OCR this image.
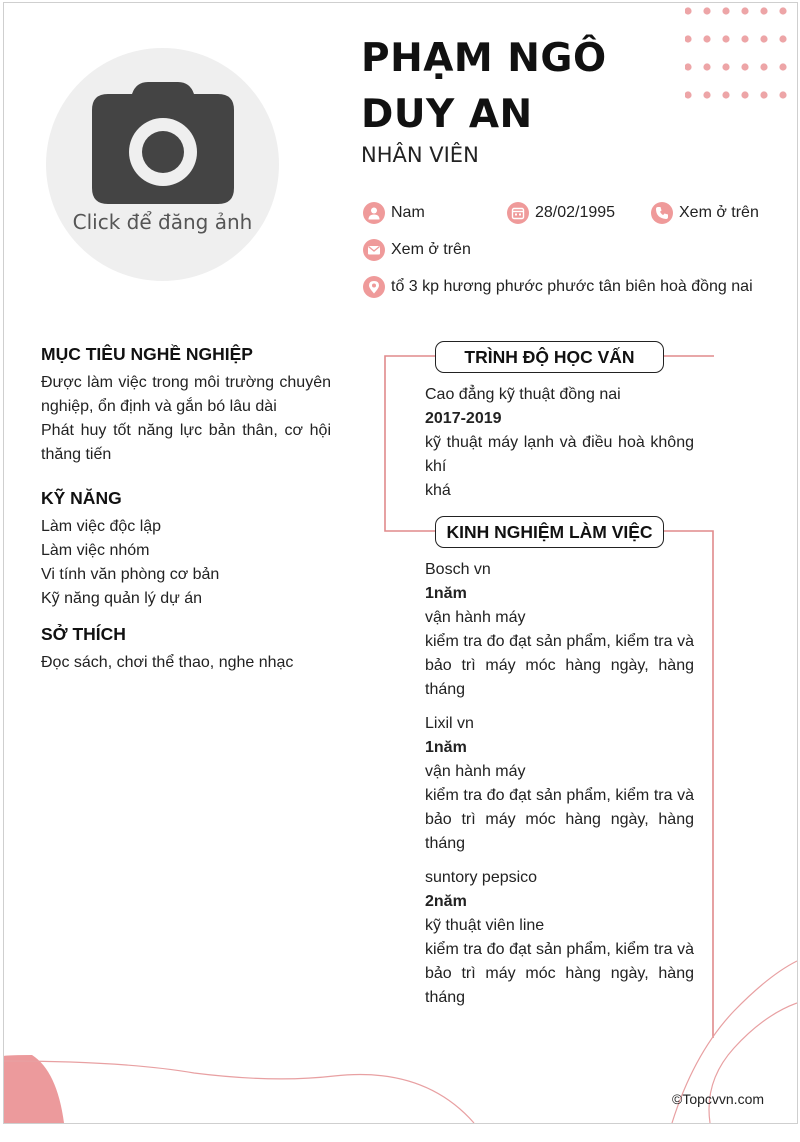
Click để đăng ảnh
PHẠM NGÔ
DUY AN
NHÂN VIÊN
Nam	28/02/1995	Xem ở trên
Xem ở trên
tổ 3 kp hương phước phước tân biên hoà đồng nai
MỤC TIÊU NGHỀ NGHIỆP
Được làm việc trong môi trường chuyên nghiệp, ổn định và gắn bó lâu dài
Phát huy tốt năng lực bản thân, cơ hội thăng tiến
KỸ NĂNG
Làm việc độc lập
Làm việc nhóm
Vi tính văn phòng cơ bản
Kỹ năng quản lý dự án
SỞ THÍCH
Đọc sách, chơi thể thao, nghe nhạc
TRÌNH ĐỘ HỌC VẤN
Cao đẳng kỹ thuật đồng nai
2017-2019
kỹ thuật máy lạnh và điều hoà không khí
khá
KINH NGHIỆM LÀM VIỆC
Bosch vn
1năm
vận hành máy
kiểm tra đo đạt sản phẩm, kiểm tra và bảo trì máy móc hàng ngày, hàng tháng
Lixil vn
1năm
vận hành máy
kiểm tra đo đạt sản phẩm, kiểm tra và bảo trì máy móc hàng ngày, hàng tháng
suntory pepsico
2năm
kỹ thuật viên line
kiểm tra đo đạt sản phẩm, kiểm tra và bảo trì máy móc hàng ngày, hàng tháng
©Topcvvn.com
